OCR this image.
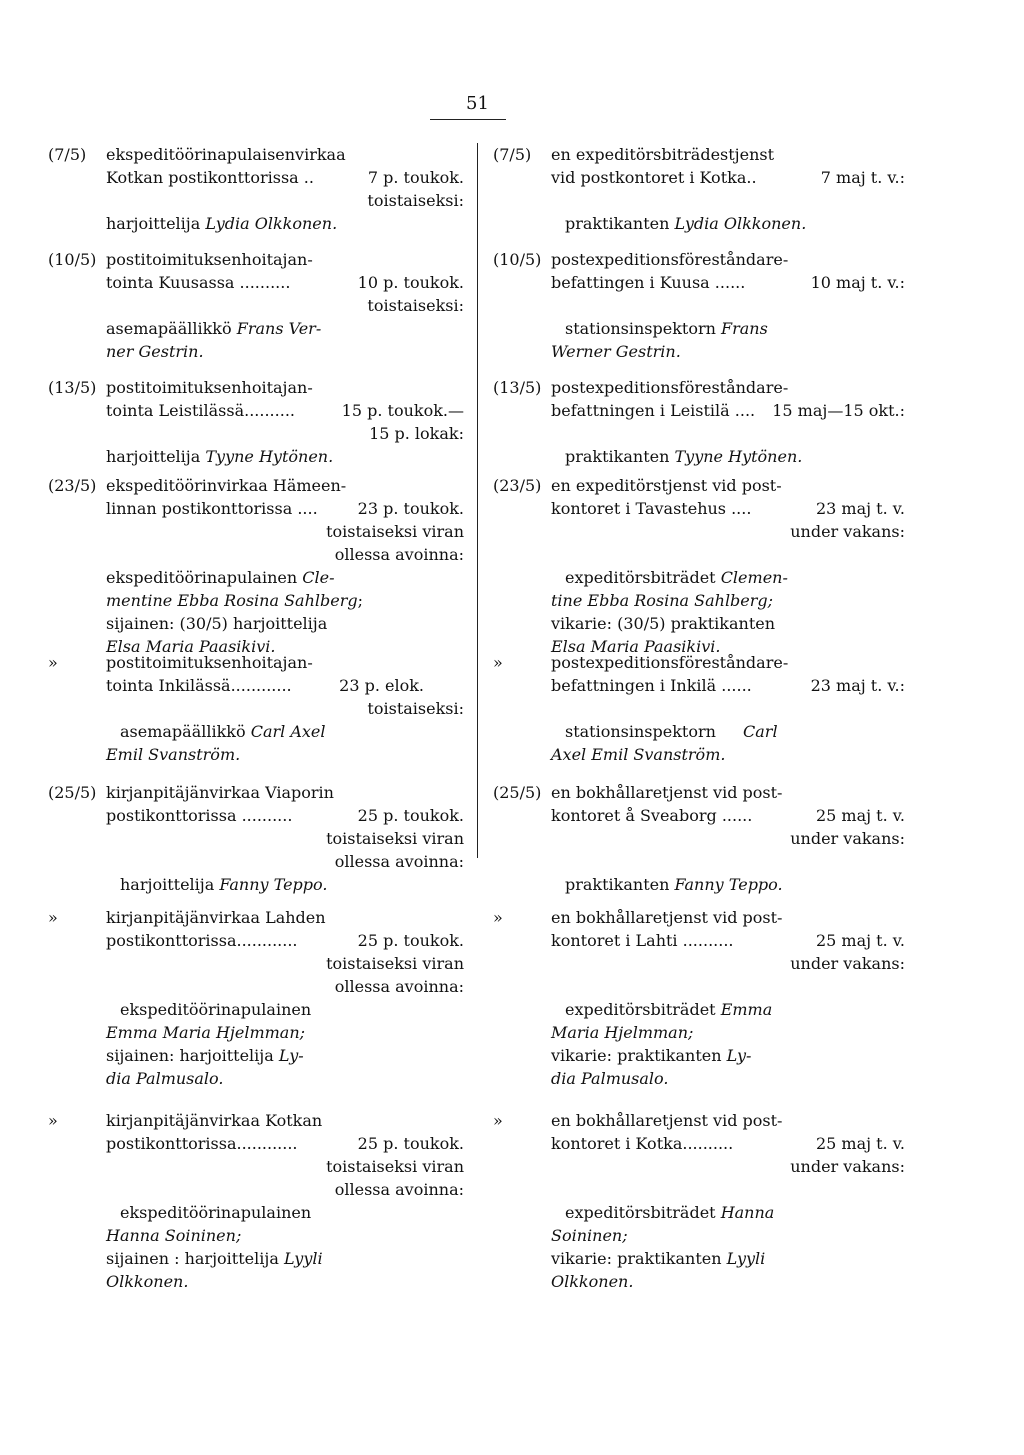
51
(7/5) ekspeditöörinapulaisenvirkaa
Kotkan postikonttorissa ..	7 p. toukok.
toistaiseksi:
harjoittelija Lydia Olkkonen.
(10/5) postitoimituksenhoitajan-
tointa Kuusassa ..........	10 p. toukok.
toistaiseksi:
asemapäällikkö Frans Ver-
ner Gestrin.
(13/5) postitoimituksenhoitajan-
tointa Leistilässä..........	15 p. toukok.—
15 p. lokak:
harjoittelija Tyyne Hytönen.
(23/5) ekspeditöörinvirkaa Hämeen-
linnan postikonttorissa .... 23 p. toukok.
toistaiseksi viran
ollessa avoinna:
ekspeditöörinapulainen Cle-
mentine Ebba Rosina Sahlberg;
sijainen: (30/5) harjoittelija
Elsa Maria Paasikivi.
»	postitoimituksenhoitajan-
tointa Inkilässä............	23 p. elok.
toistaiseksi:
asemapäällikkö Carl Axel
Emil Svanström.
(25/5) kirjanpitäjänvirkaa Viaporin
postikonttorissa ..........	25 p. toukok.
toistaiseksi viran
ollessa avoinna:
harjoittelija Fanny Teppo.
»	kirjanpitäjänvirkaa Lahden
postikonttorissa............	25 p. toukok.
toistaiseksi viran
ollessa avoinna:
ekspeditöörinapulainen
Emma Maria Hjelmman;
sijainen: harjoittelija Ly-
dia Palmusalo.
»	kirjanpitäjänvirkaa Kotkan
postikonttorissa............	25 p. toukok.
toistaiseksi viran
ollessa avoinna:
ekspeditöörinapulainen
Hanna Soininen;
sijainen : harjoittelija Lyyli
Olkkonen.
(7/5) en expeditörsbiträdestjenst
vid postkontoret i Kotka..	7 maj t. v.:
praktikanten Lydia Olkkonen.
(10/5) postexpeditionsföreståndare-
befattingen i Kuusa ......	10 maj t. v.:
stationsinspektorn Frans
Werner Gestrin.
(13/5) postexpeditionsföreståndare-
befattningen i Leistilä .... 15 maj—15 okt.:
praktikanten Tyyne Hytönen.
(23/5) en expeditörstjenst vid post-
kontoret i Tavastehus ....	23 maj t. v.
under vakans:
expeditörsbiträdet Clemen-
tine Ebba Rosina Sahlberg;
vikarie: (30/5) praktikanten
Elsa Maria Paasikivi.
»	postexpeditionsföreståndare-
befattningen i Inkilä ......	23 maj t. v.:
stationsinspektorn Carl
Axel Emil Svanström.
(25/5) en bokhållaretjenst vid post-
kontoret å Sveaborg ......	25 maj t. v.
under vakans:
praktikanten Fanny Teppo.
»	en bokhållaretjenst vid post-
kontoret i Lahti ..........	25 maj t. v.
under vakans:
expeditörsbiträdet Emma
Maria Hjelmman;
vikarie: praktikanten Ly-
dia Palmusalo.
»	en bokhållaretjenst vid post-
kontoret i Kotka..........	25 maj t. v.
under vakans:
expeditörsbiträdet Hanna
Soininen;
vikarie: praktikanten Lyyli
Olkkonen.
